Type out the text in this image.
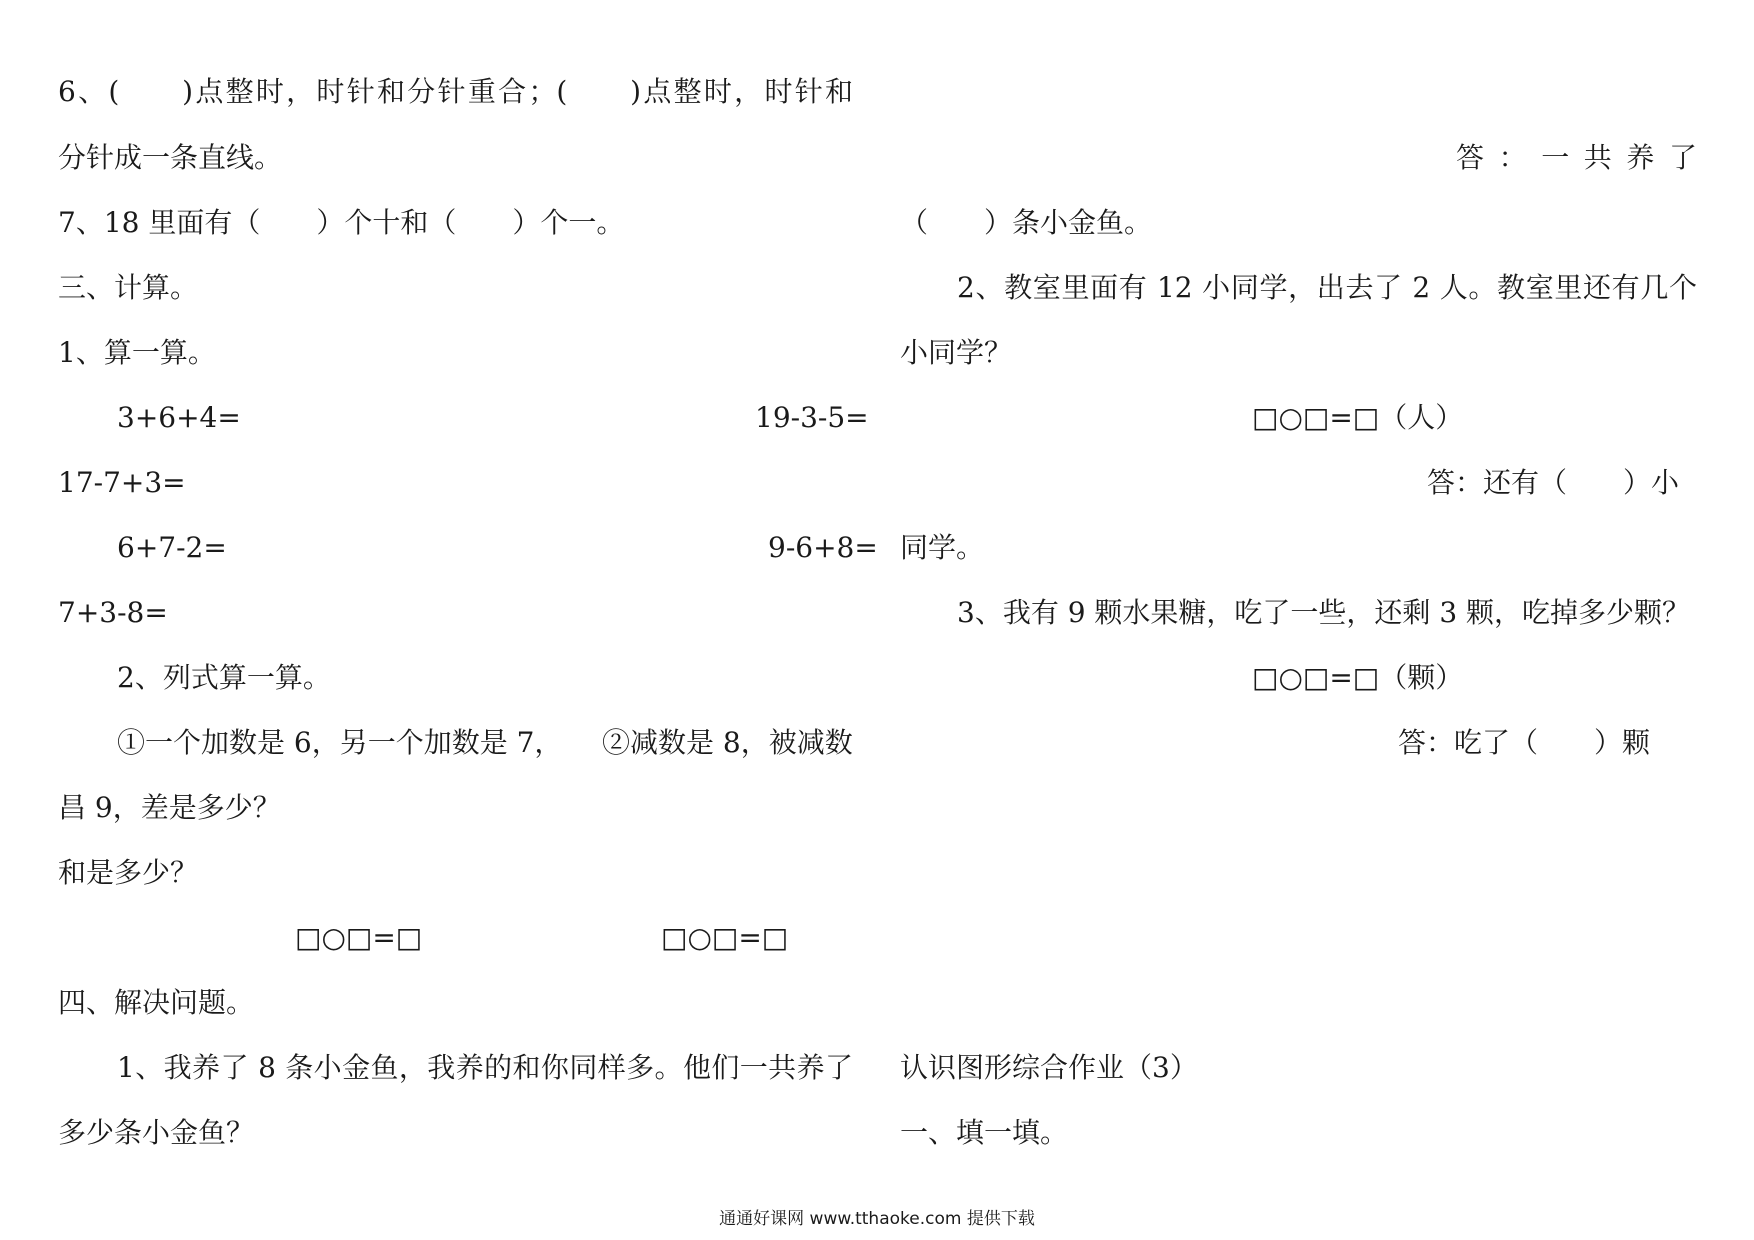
6、(　　)点整时，时针和分针重合；(　　)点整时，时针和
分针成一条直线。
7、18 里面有（　　）个十和（　　）个一。
三、计算。
1、算一算。
3+6+4=	19-3-5=
17-7+3=
6+7-2=	9-6+8=
7+3-8=
2、列式算一算。
①一个加数是 6，另一个加数是 7， ②减数是 8，被减数
昌 9，差是多少？
和是多少？
□○□=□	□○□=□
四、解决问题。
1、我养了 8 条小金鱼，我养的和你同样多。他们一共养了
多少条小金鱼？
答：一共养了
（　　）条小金鱼。
2、教室里面有 12 小同学，出去了 2 人。教室里还有几个
小同学？
□○□=□（人）
答：还有（　　）小
同学。
3、我有 9 颗水果糖，吃了一些，还剩 3 颗，吃掉多少颗？
□○□=□（颗）
答：吃了（　　）颗
认识图形综合作业（3）
一、填一填。
通通好课网 www.tthaoke.com 提供下载
